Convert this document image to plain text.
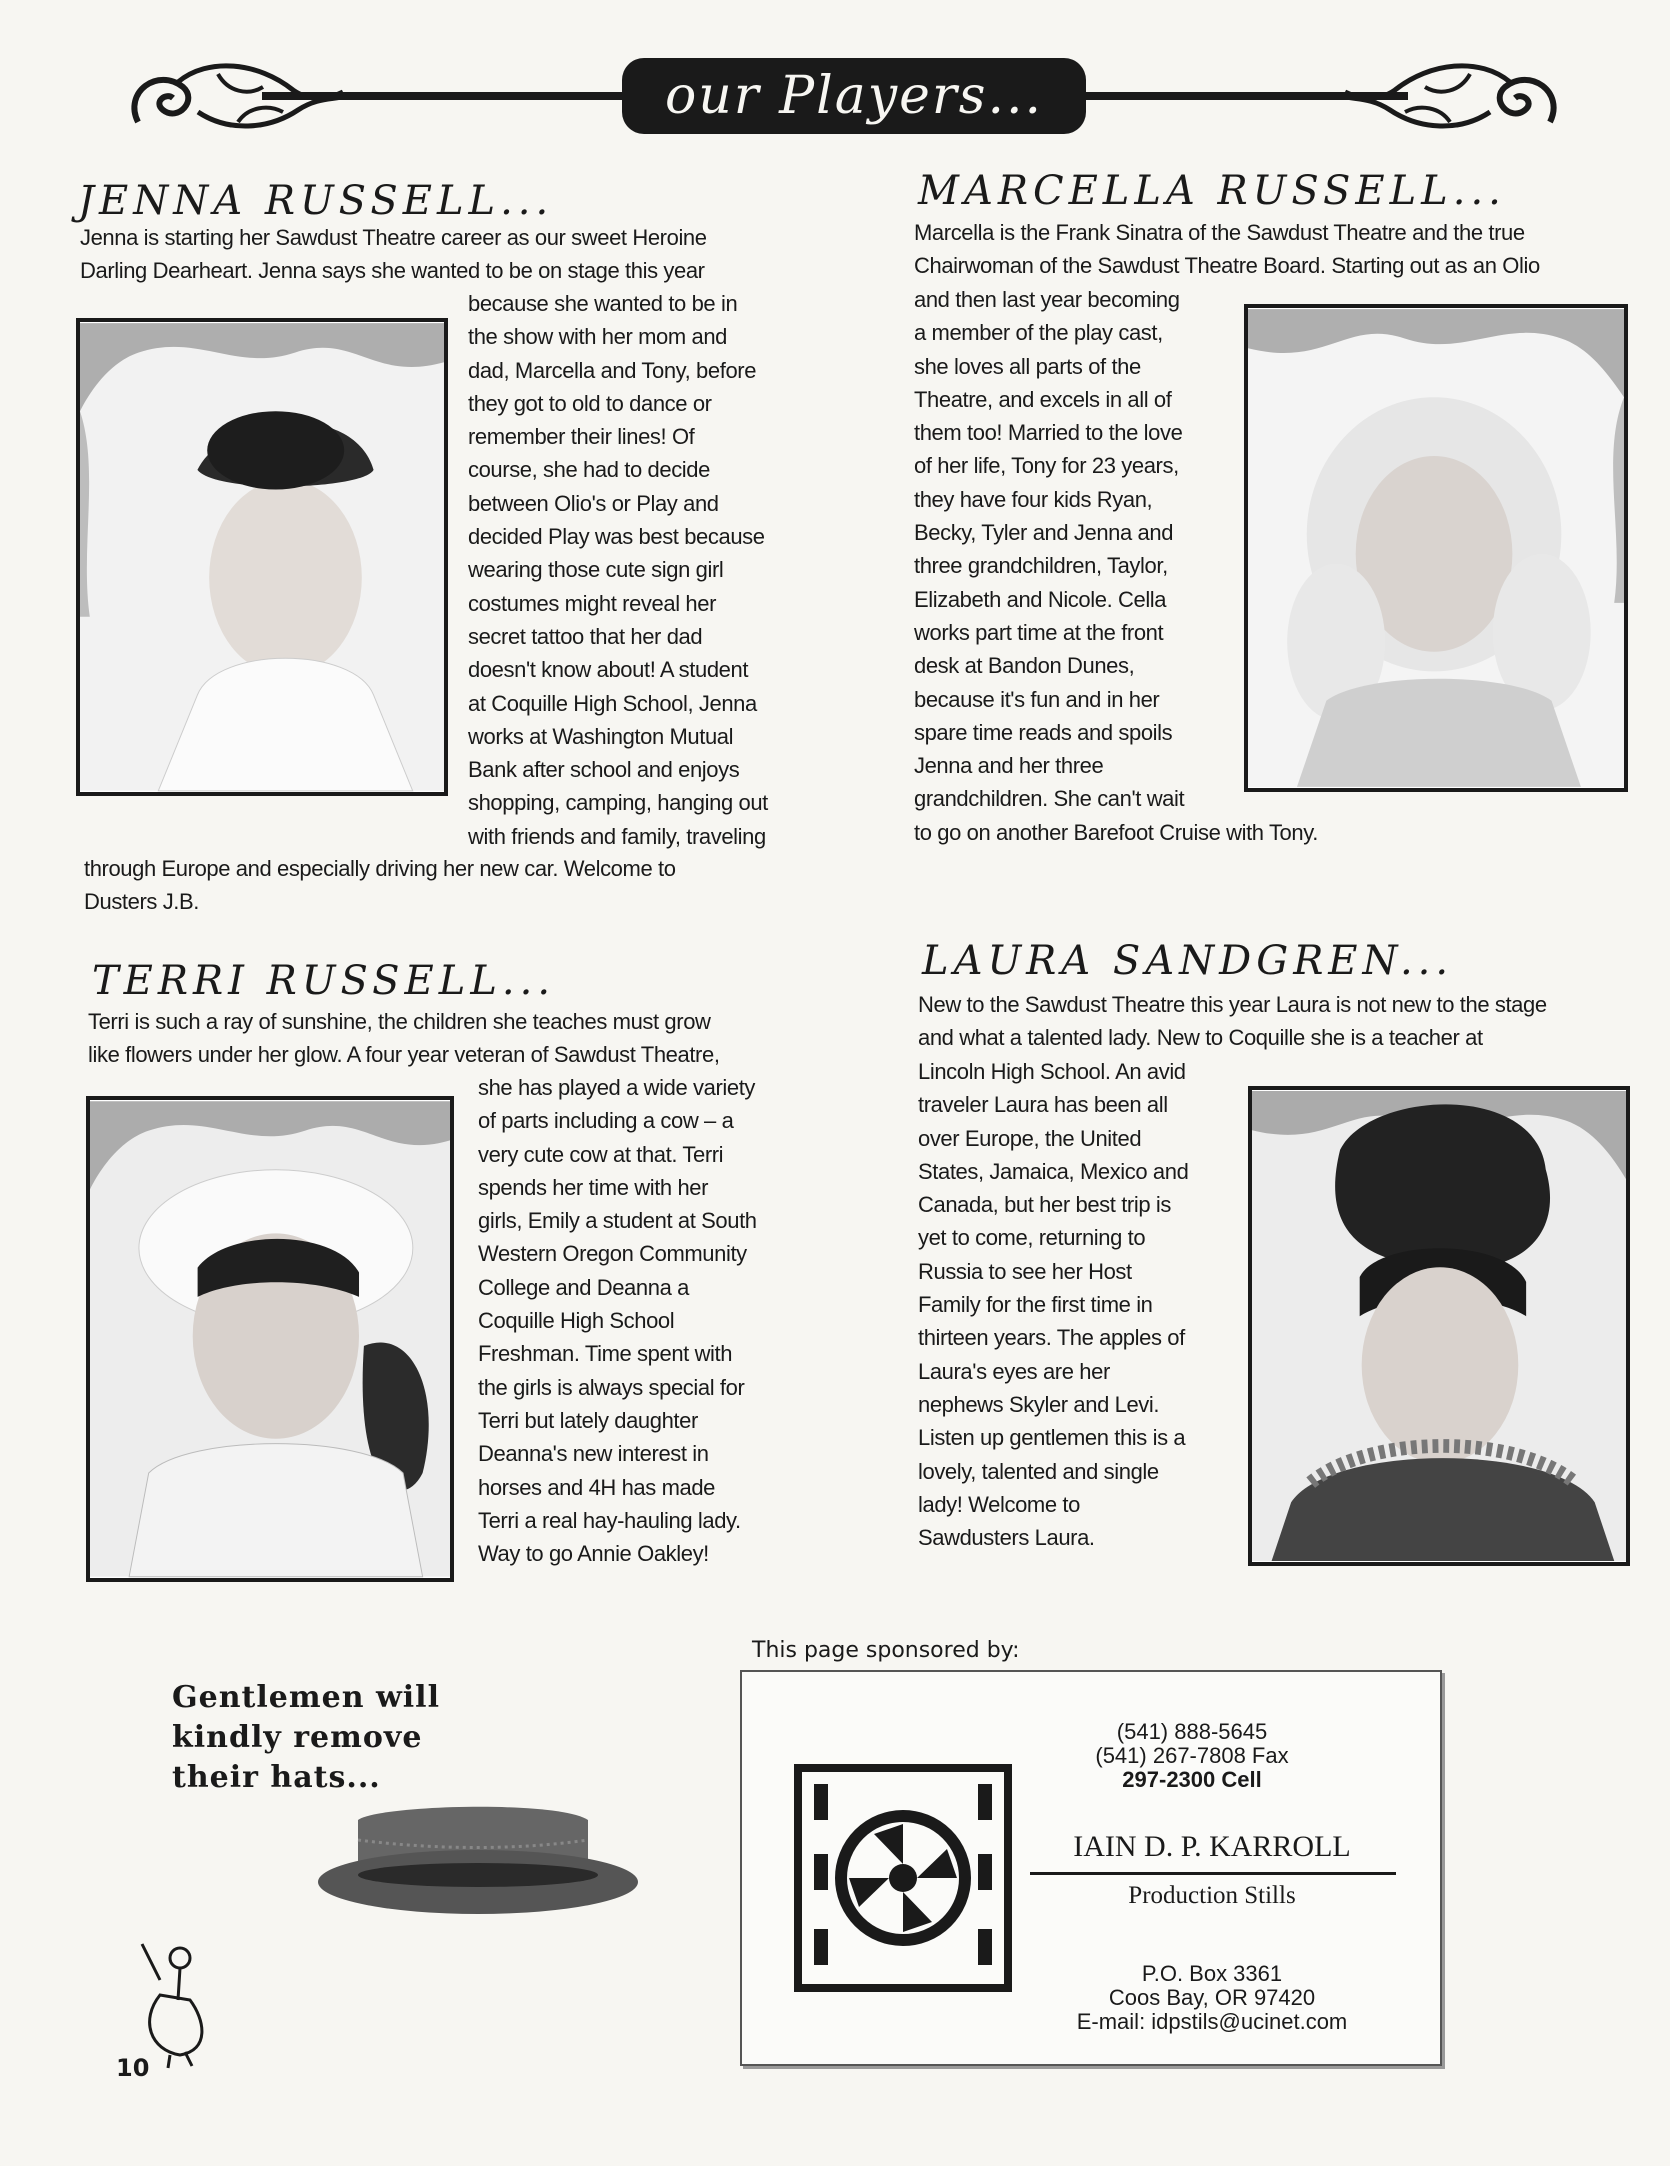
our Players...
JENNA RUSSELL...
Jenna is starting her Sawdust Theatre career as our sweet Heroine
Darling Dearheart. Jenna says she wanted to be on stage this year
because she wanted to be in
the show with her mom and
dad, Marcella and Tony, before
they got to old to dance or
remember their lines! Of
course, she had to decide
between Olio's or Play and
decided Play was best because
wearing those cute sign girl
costumes might reveal her
secret tattoo that her dad
doesn't know about! A student
at Coquille High School, Jenna
works at Washington Mutual
Bank after school and enjoys
shopping, camping, hanging out
with friends and family, traveling
through Europe and especially driving her new car. Welcome to
Dusters J.B.
MARCELLA RUSSELL...
Marcella is the Frank Sinatra of the Sawdust Theatre and the true
Chairwoman of the Sawdust Theatre Board. Starting out as an Olio
and then last year becoming
a member of the play cast,
she loves all parts of the
Theatre, and excels in all of
them too! Married to the love
of her life, Tony for 23 years,
they have four kids Ryan,
Becky, Tyler and Jenna and
three grandchildren, Taylor,
Elizabeth and Nicole. Cella
works part time at the front
desk at Bandon Dunes,
because it's fun and in her
spare time reads and spoils
Jenna and her three
grandchildren. She can't wait
to go on another Barefoot Cruise with Tony.
TERRI RUSSELL...
Terri is such a ray of sunshine, the children she teaches must grow
like flowers under her glow. A four year veteran of Sawdust Theatre,
she has played a wide variety
of parts including a cow – a
very cute cow at that. Terri
spends her time with her
girls, Emily a student at South
Western Oregon Community
College and Deanna a
Coquille High School
Freshman. Time spent with
the girls is always special for
Terri but lately daughter
Deanna's new interest in
horses and 4H has made
Terri a real hay-hauling lady.
Way to go Annie Oakley!
LAURA SANDGREN...
New to the Sawdust Theatre this year Laura is not new to the stage
and what a talented lady. New to Coquille she is a teacher at
Lincoln High School. An avid
traveler Laura has been all
over Europe, the United
States, Jamaica, Mexico and
Canada, but her best trip is
yet to come, returning to
Russia to see her Host
Family for the first time in
thirteen years. The apples of
Laura's eyes are her
nephews Skyler and Levi.
Listen up gentlemen this is a
lovely, talented and single
lady! Welcome to
Sawdusters Laura.
Gentlemen will
kindly remove
their hats...
10
This page sponsored by:
(541) 888-5645
(541) 267-7808 Fax
297-2300 Cell
IAIN D. P. KARROLL
Production Stills
P.O. Box 3361
Coos Bay, OR 97420
E-mail: idpstils@ucinet.com
